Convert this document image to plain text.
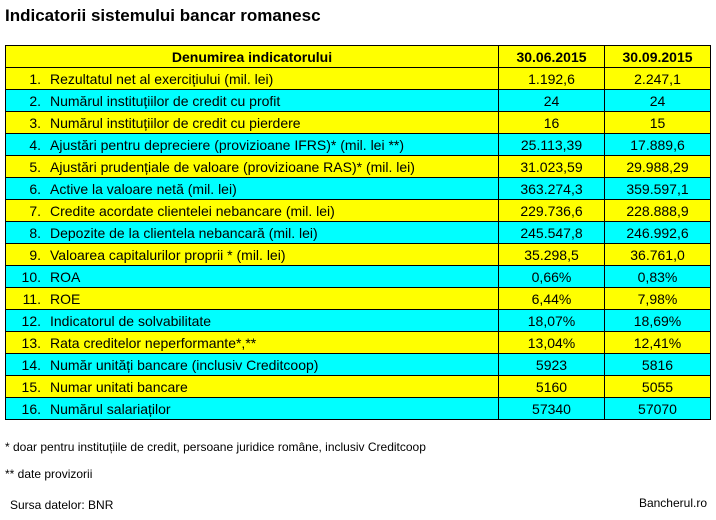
Indicatorii sistemului bancar romanesc
Denumirea indicatorului	30.06.2015	30.09.2015
1. Rezultatul net al exercițiului (mil. lei)	1.192,6	2.247,1
2. Numărul instituțiilor de credit cu profit	24	24
3. Numărul instituțiilor de credit cu pierdere	16	15
4. Ajustări pentru depreciere (provizioane IFRS)* (mil. lei **)	25.113,39	17.889,6
5. Ajustări prudențiale de valoare (provizioane RAS)* (mil. lei)	31.023,59	29.988,29
6. Active la valoare netă (mil. lei)	363.274,3	359.597,1
7. Credite acordate clientelei nebancare (mil. lei)	229.736,6	228.888,9
8. Depozite de la clientela nebancară (mil. lei)	245.547,8	246.992,6
9. Valoarea capitalurilor proprii * (mil. lei)	35.298,5	36.761,0
10. ROA	0,66%	0,83%
11. ROE	6,44%	7,98%
12. Indicatorul de solvabilitate	18,07%	18,69%
13. Rata creditelor neperformante*,**	13,04%	12,41%
14. Număr unități bancare (inclusiv Creditcoop)	5923	5816
15. Numar unitati bancare	5160	5055
16. Numărul salariaților	57340	57070
* doar pentru instituțiile de credit, persoane juridice române, inclusiv Creditcoop
** date provizorii
Sursa datelor: BNR	Bancherul.ro
